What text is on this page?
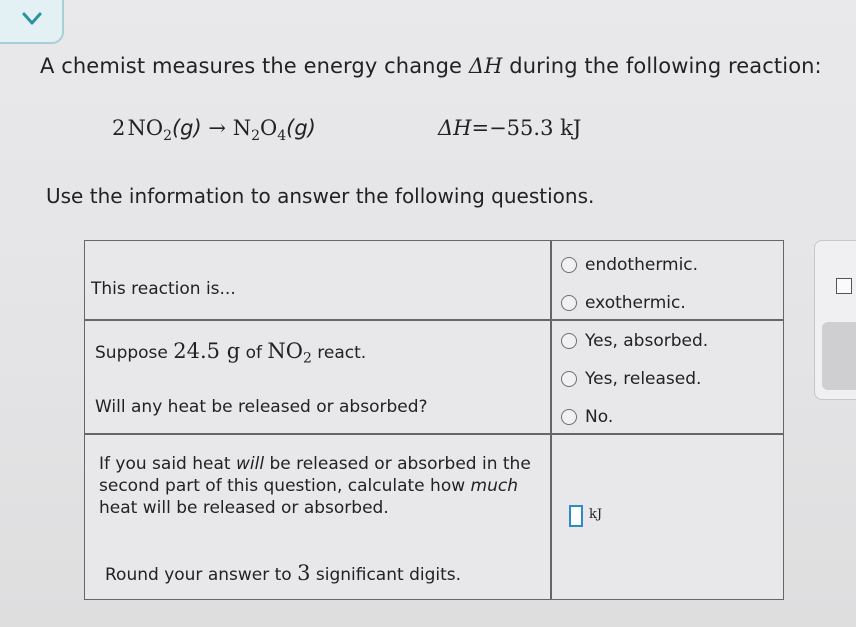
A chemist measures the energy change ΔH during the following reaction:
2 $NO_2(g) \to N_2O_4(g)$	ΔH=−55.3 kJ
Use the information to answer the following questions.
This reaction is...
endothermic.
exothermic.
Suppose 24.5 g of $NO_2$ react.
Will any heat be released or absorbed?
Yes, absorbed.
Yes, released.
No.
If you said heat will be released or absorbed in the second part of this question, calculate how much heat will be released or absorbed.
Round your answer to 3 significant digits.
kJ
